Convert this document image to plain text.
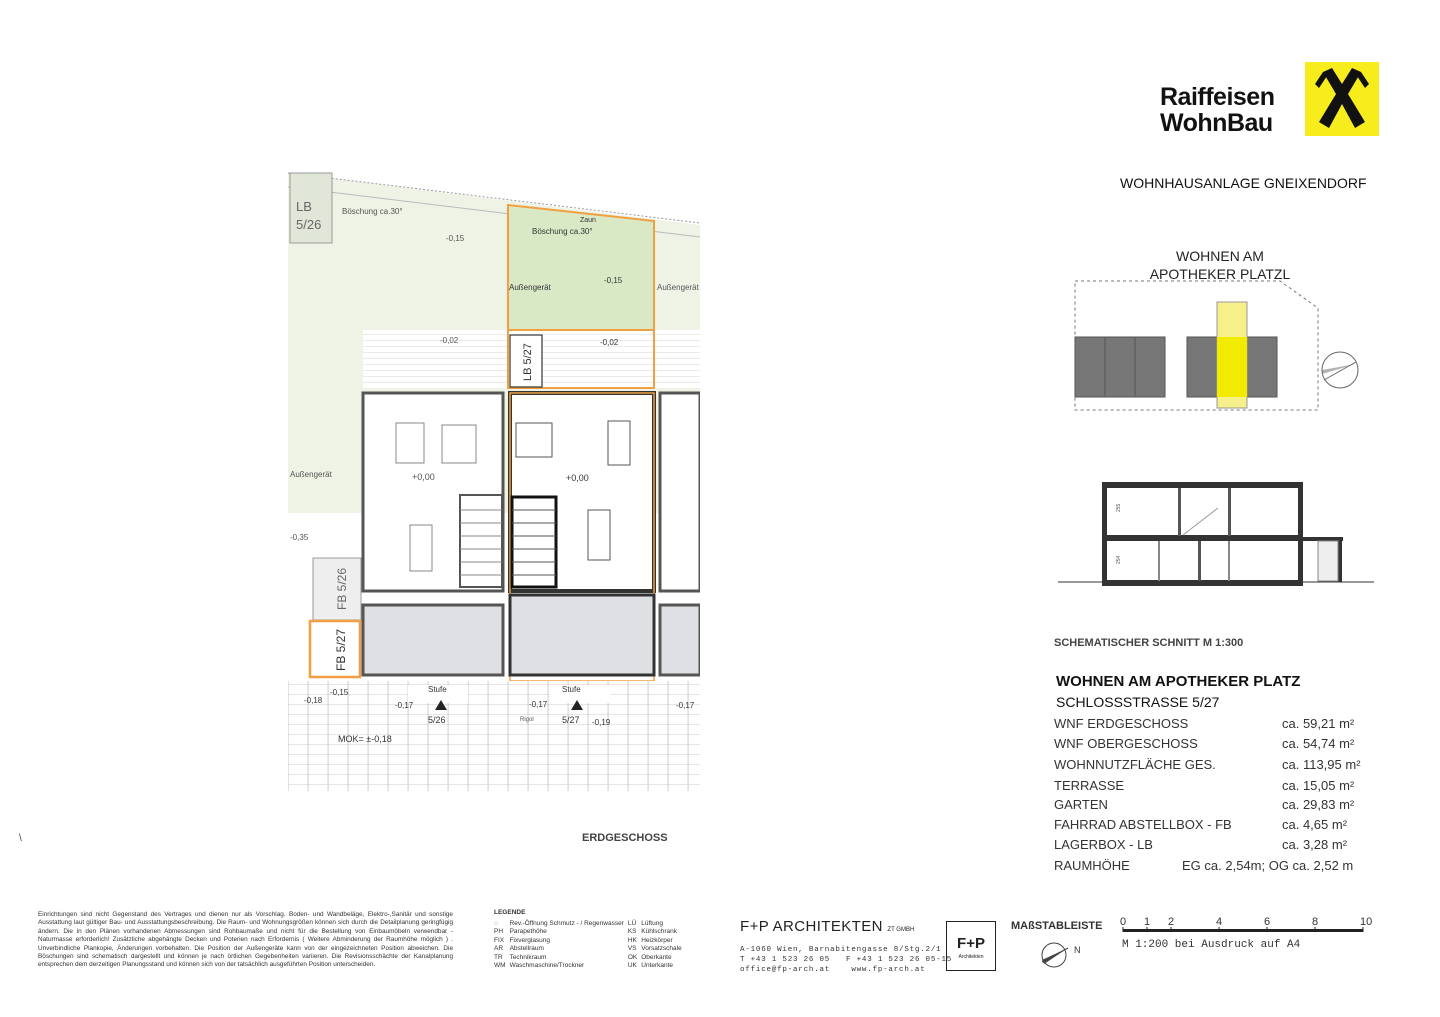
Raiffeisen
WohnBau
WOHNHAUSANLAGE GNEIXENDORF
WOHNEN AM
APOTHEKER PLATZL
255
254
SCHEMATISCHER SCHNITT M 1:300
WOHNEN AM APOTHEKER PLATZ
SCHLOSSSTRASSE 5/27
WNF ERDGESCHOSS	ca. 59,21 m²
WNF OBERGESCHOSS	ca. 54,74 m²
WOHNNUTZFLÄCHE GES.	ca. 113,95 m²
TERRASSE	ca. 15,05 m²
GARTEN	ca. 29,83 m²
FAHRRAD ABSTELLBOX - FB	ca. 4,65 m²
LAGERBOX - LB	ca. 3,28 m²
RAUMHÖHE	EG ca. 2,54m; OG ca. 2,52 m
LB 5/26
LB 5/27
FB 5/26
FB 5/27
Böschung ca.30°
Böschung ca.30°
Zaun
Außengerät
Außengerät
Außengerät
-0,15
-0,15
-0,02	-0,02
+0,00	+0,00
-0,35
-0,18
-0,15
-0,17	-0,17
-0,19
-0,17
Stufe	Stufe
5/26	5/27
Rigol
MOK= ±-0,18
ERDGESCHOSS
\
Einrichtungen sind nicht Gegenstand des Vertrages und dienen nur als Vorschlag. Boden- und Wandbeläge, Elektro-,Sanitär und sonstige Ausstattung laut gültiger Bau- und Ausstattungsbeschreibung. Die Raum- und Wohnungsgrößen können sich durch die Detailplanung geringfügig ändern. Die in den Plänen vorhandenen Abmessungen sind Rohbaumaße und nicht für die Bestellung von Einbaumöbeln verwendbar - Naturmasse erforderlich! Zusätzliche abgehängte Decken und Poterien nach Erfordernis ( Weitere Abminderung der Raumhöhe möglich ) . Unverbindliche Plankopie, Änderungen vorbehalten. Die Position der Außengeräte kann von der eingezeichneten Position abweichen. Die Böschungen sind schematisch dargestellt und können je nach örtlichen Gegebenheiten variieren. Die Revisionsschächte der Kanalplanung entsprechen dem derzeitigen Planungsstand und können sich von der tatsächlich ausgeführten Position unterscheiden.
LEGENDE
◌	Rev.-Öffnung Schmutz - / Regenwasser	LÜ	Lüftung
PH	Parapethöhe	KS	Kühlschrank
FIX	Fixverglasung	HK	Heizkörper
AR	Abstellraum	VS	Vorsatzschale
TR	Technikraum	OK	Oberkante
WM	Waschmaschine/Trockner	UK	Unterkante
F+P ARCHITEKTEN ZT GMBH
A-1060 Wien, Barnabitengasse 8/Stg.2/1
T +43 1 523 26 05 F +43 1 523 26 05-15
office@fp-arch.at	www.fp-arch.at
F+P
Architekten
MAßSTABLEISTE
N
0 1 2	4	6	8	10
M 1:200 bei Ausdruck auf A4
